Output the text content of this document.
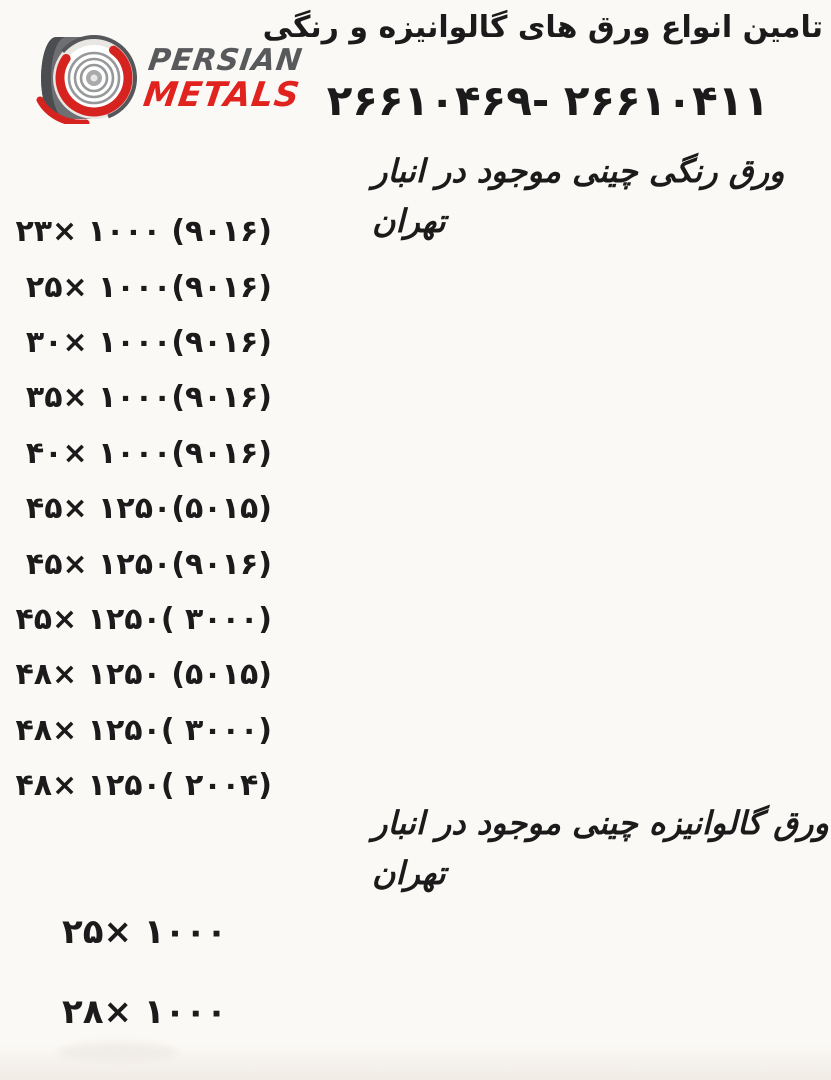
PERSIAN
METALS
تامین انواع ورق های گالوانیزه و رنگی
۲۶۶۱۰۴۶۹- ۲۶۶۱۰۴۱۱
ورق رنگی چینی موجود در انبار
تهران
۲۳× ۱۰۰۰ (۹۰۱۶)
۲۵× ۱۰۰۰(۹۰۱۶)
۳۰× ۱۰۰۰(۹۰۱۶)
۳۵× ۱۰۰۰(۹۰۱۶)
۴۰× ۱۰۰۰(۹۰۱۶)
۴۵× ۱۲۵۰(۵۰۱۵)
۴۵× ۱۲۵۰(۹۰۱۶)
۴۵× ۱۲۵۰( ۳۰۰۰)
۴۸× ۱۲۵۰ (۵۰۱۵)
۴۸× ۱۲۵۰( ۳۰۰۰)
۴۸× ۱۲۵۰( ۲۰۰۴)
ورق گالوانیزه چینی موجود در انبار
تهران
۲۵× ۱۰۰۰
۲۸× ۱۰۰۰
